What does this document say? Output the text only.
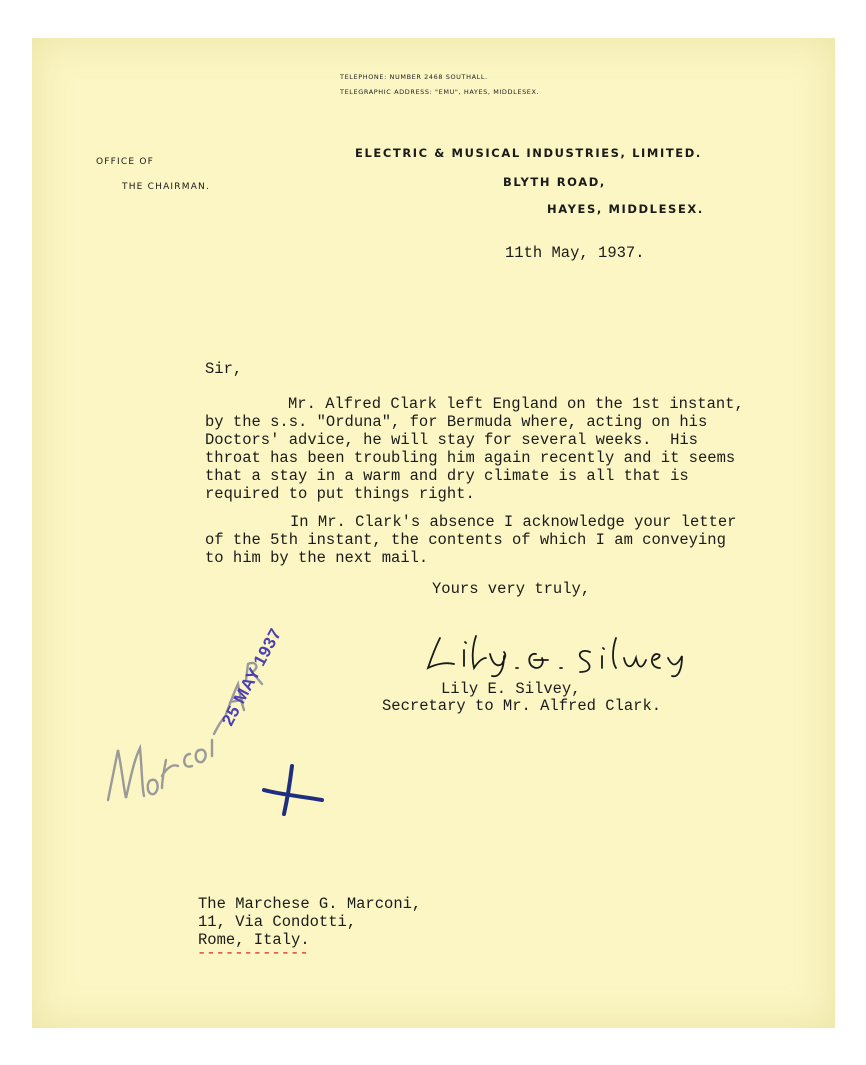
TELEPHONE: NUMBER 2468 SOUTHALL.
TELEGRAPHIC ADDRESS: "EMU", HAYES, MIDDLESEX.
OFFICE OF
THE CHAIRMAN.
ELECTRIC & MUSICAL INDUSTRIES, LIMITED.
BLYTH ROAD,
HAYES, MIDDLESEX.
11th May, 1937.
Sir,
Mr. Alfred Clark left England on the 1st instant,
by the s.s. "Orduna", for Bermuda where, acting on his
Doctors' advice, he will stay for several weeks.  His
throat has been troubling him again recently and it seems
that a stay in a warm and dry climate is all that is
required to put things right.
In Mr. Clark's absence I acknowledge your letter
of the 5th instant, the contents of which I am conveying
to him by the next mail.
Yours very truly,
Lily E. Silvey,
Secretary to Mr. Alfred Clark.
25 MAY 1937
The Marchese G. Marconi,
11, Via Condotti,
Rome, Italy.
------------
